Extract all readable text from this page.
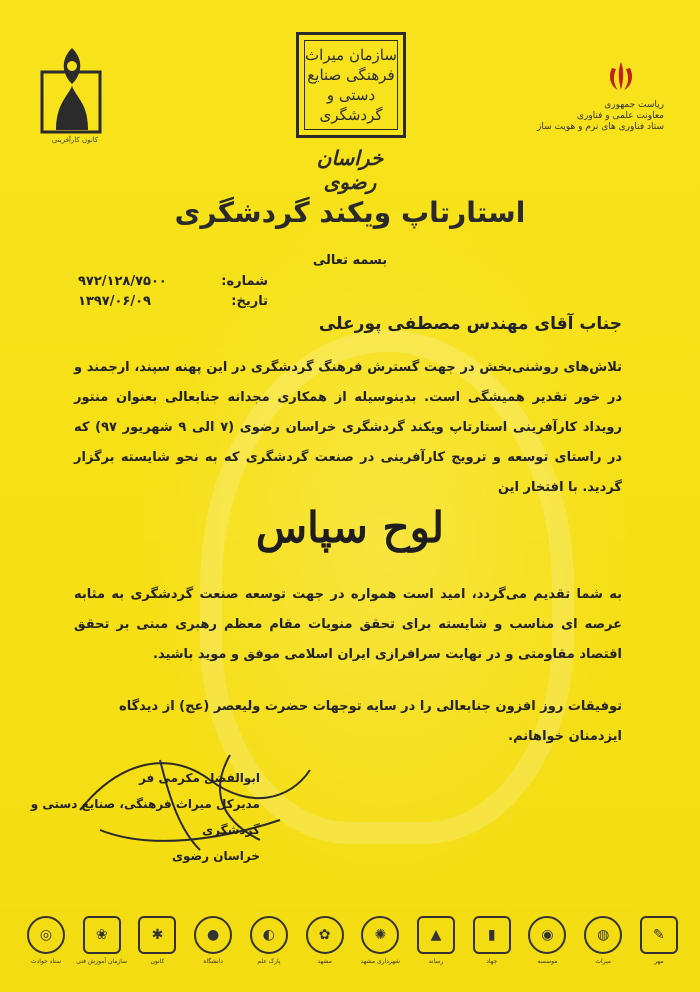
کانون کارآفرینی
سازمان میراث فرهنگی صنایع دستی و گردشگری
خراسان رضوی
ریاست جمهوری
معاونت علمی و فناوری
ستاد فناوری های نرم و هویت ساز
استارتاپ ویکند گردشگری
بسمه تعالی
شماره:
۹۷۲/۱۲۸/۷۵۰۰
تاریخ:
۱۳۹۷/۰۶/۰۹
جناب آقای مهندس مصطفی پورعلی
تلاش‌های روشنی‌بخش در جهت گسترش فرهنگ گردشگری در این پهنه سپند، ارجمند و در خور تقدیر همیشگی است. بدینوسیله از همکاری مجدانه جنابعالی بعنوان منتور رویداد کارآفرینی استارتاپ ویکند گردشگری خراسان رضوی (۷ الی ۹ شهریور ۹۷) که در راستای توسعه و ترویج کارآفرینی در صنعت گردشگری که به نحو شایسته برگزار گردید. با افتخار این
لوح سپاس
به شما تقدیم می‌گردد، امید است همواره در جهت توسعه صنعت گردشگری به مثابه عرصه ای مناسب و شایسته برای تحقق منویات مقام معظم رهبری مبنی بر تحقق اقتصاد مقاومتی و در نهایت سرافرازی ایران اسلامی موفق و موید باشید.
توفیقات روز افزون جنابعالی را در سایه توجهات حضرت ولیعصر (عج) از دیدگاه ایزدمنان خواهانم.
ابوالفضل مکرمی فر
مدیرکل میراث فرهنگی، صنایع دستی و گردشگری
خراسان رضوی
◎
ستاد حوادث
❀
سازمان آموزش فنی
✱
کانون
●
دانشگاه
◐
پارک علم
✿
مشهد
✺
شهرداری مشهد
▲
رسانه
▮
جهاد
◉
موسسه
◍
میراث
✎
مهر
